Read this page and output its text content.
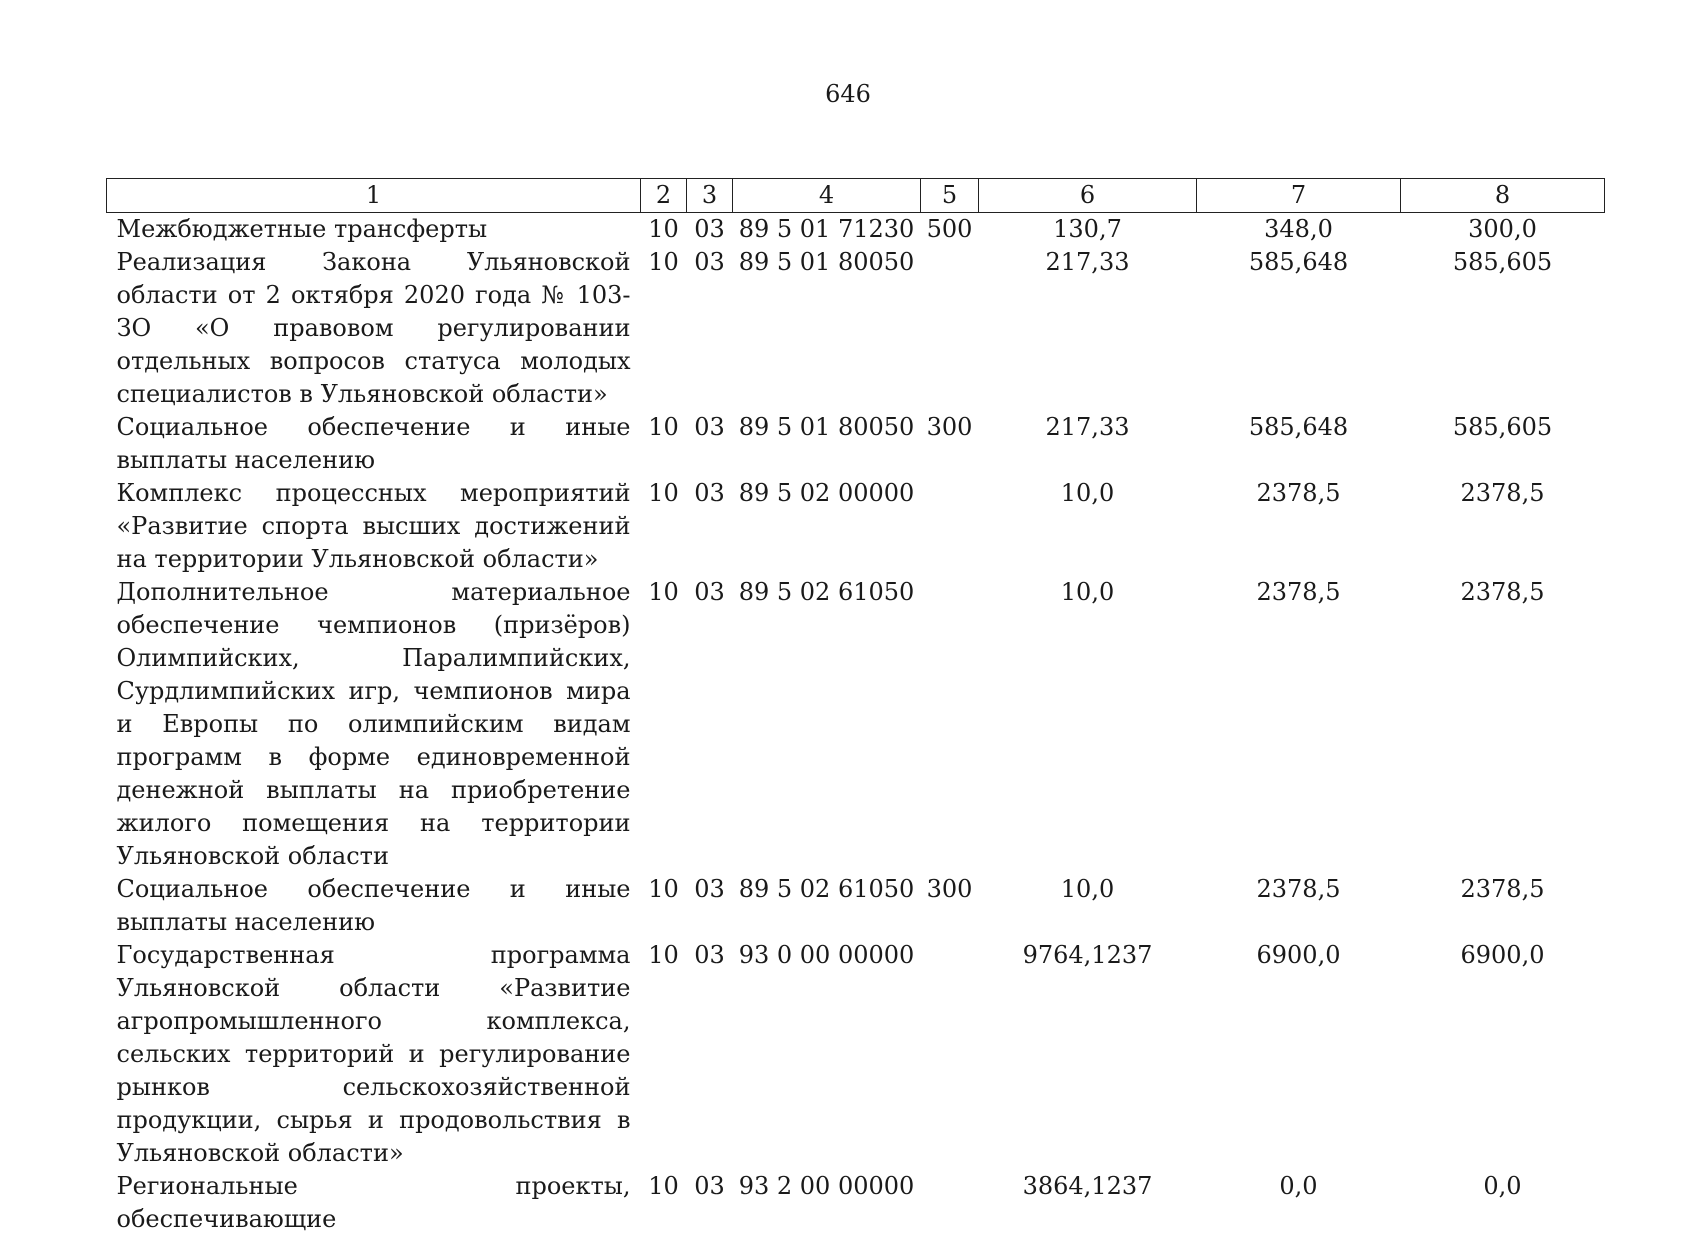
646
1	2	3	4	5	6	7	8
Межбюджетные трансферты	10	03	89 5 01 71230	500	130,7	348,0	300,0
Реализация Закона Ульяновской области от 2 октября 2020 года № 103-ЗО «О правовом регулировании отдельных вопросов статуса молодых специалистов в Ульяновской области»	10	03	89 5 01 80050		217,33	585,648	585,605
Социальное обеспечение и иные выплаты населению	10	03	89 5 01 80050	300	217,33	585,648	585,605
Комплекс процессных мероприятий «Развитие спорта высших достижений на территории Ульяновской области»	10	03	89 5 02 00000		10,0	2378,5	2378,5
Дополнительное материальное обеспечение чемпионов (призёров) Олимпийских, Паралимпийских, Сурдлимпийских игр, чемпионов мира и Европы по олимпийским видам программ в форме единовременной денежной выплаты на приобретение жилого помещения на территории Ульяновской области	10	03	89 5 02 61050		10,0	2378,5	2378,5
Социальное обеспечение и иные выплаты населению	10	03	89 5 02 61050	300	10,0	2378,5	2378,5
Государственная программа Ульяновской области «Развитие агропромышленного комплекса, сельских территорий и регулирование рынков сельскохозяйственной продукции, сырья и продовольствия в Ульяновской области»	10	03	93 0 00 00000		9764,1237	6900,0	6900,0
Региональные проекты, обеспечивающие	10	03	93 2 00 00000		3864,1237	0,0	0,0
